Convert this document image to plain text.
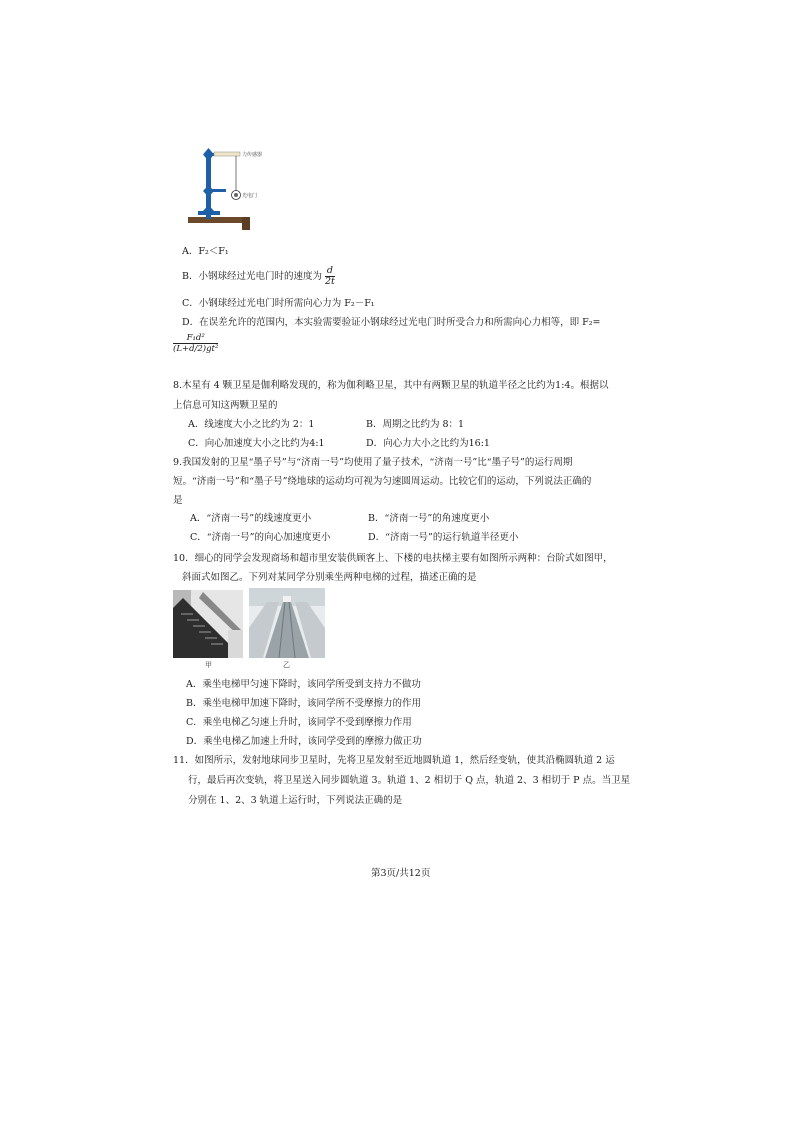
力传感器
光电门
A．F₂＜F₁
B．小钢球经过光电门时的速度为 $\frac{d}{2t}$
C．小钢球经过光电门时所需向心力为 F₂－F₁
D．在误差允许的范围内，本实验需要验证小钢球经过光电门时所受合力和所需向心力相等，即 F₂=
$\frac{\text{F₁d²}}{\text{(L+d/2)gt²}}$
8.木星有 4 颗卫星是伽利略发现的，称为伽利略卫星，其中有两颗卫星的轨道半径之比约为1:4。根据以
上信息可知这两颗卫星的
A．线速度大小之比约为 2：1	B．周期之比约为 8：1
C．向心加速度大小之比约为4:1	D．向心力大小之比约为16:1
9.我国发射的卫星“墨子号”与“济南一号”均使用了量子技术，“济南一号”比“墨子号”的运行周期
短。“济南一号”和“墨子号”绕地球的运动均可视为匀速圆周运动。比较它们的运动，下列说法正确的
是
A．“济南一号”的线速度更小	B．“济南一号”的角速度更小
C．“济南一号”的向心加速度更小	D．“济南一号”的运行轨道半径更小
10．细心的同学会发现商场和超市里安装供顾客上、下楼的电扶梯主要有如图所示两种：台阶式如图甲，
斜面式如图乙。下列对某同学分别乘坐两种电梯的过程，描述正确的是
甲	乙
A．乘坐电梯甲匀速下降时，该同学所受到支持力不做功
B．乘坐电梯甲加速下降时，该同学所不受摩擦力的作用
C．乘坐电梯乙匀速上升时，该同学不受到摩擦力作用
D．乘坐电梯乙加速上升时，该同学受到的摩擦力做正功
11．如图所示，发射地球同步卫星时，先将卫星发射至近地圆轨道 1，然后经变轨，使其沿椭圆轨道 2 运
行，最后再次变轨，将卫星送入同步圆轨道 3。轨道 1、2 相切于 Q 点，轨道 2、3 相切于 P 点。当卫星
分别在 1、2、3 轨道上运行时，下列说法正确的是
第3页/共12页
